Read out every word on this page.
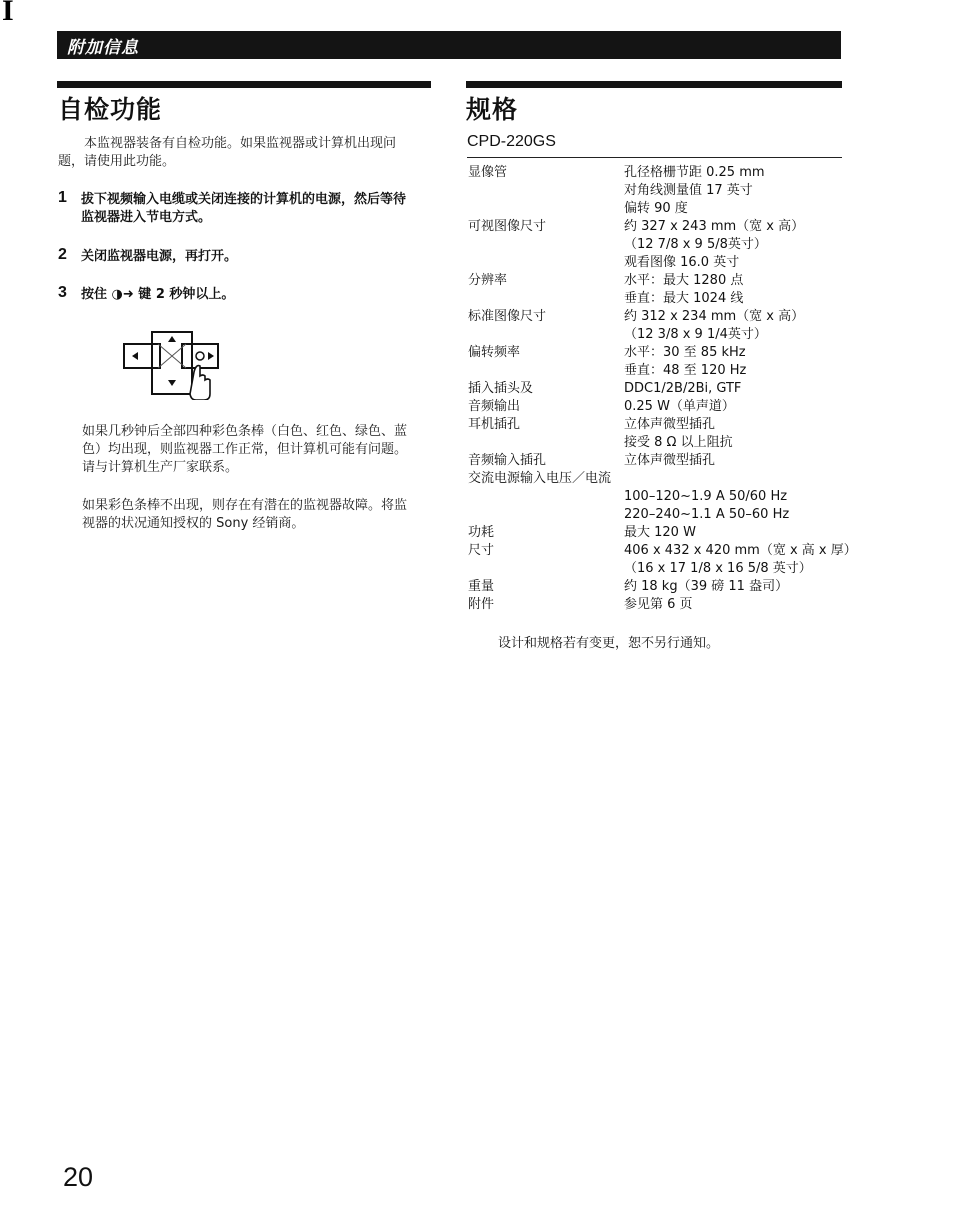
I
附加信息
自检功能
本监视器装备有自检功能。如果监视器或计算机出现问
题，请使用此功能。
1 拔下视频输入电缆或关闭连接的计算机的电源，然后等待
监视器进入节电方式。
2 关闭监视器电源，再打开。
3 按住 ◑➜ 键 2 秒钟以上。
如果几秒钟后全部四种彩色条棒（白色、红色、绿色、蓝
色）均出现，则监视器工作正常，但计算机可能有问题。
请与计算机生产厂家联系。
如果彩色条棒不出现，则存在有潜在的监视器故障。将监
视器的状况通知授权的 Sony 经销商。
规格
CPD-220GS
显像管	孔径格栅节距 0.25 mm
对角线测量值 17 英寸
偏转 90 度
可视图像尺寸	约 327 x 243 mm（宽 x 高）
（12 7/8 x 9 5/8英寸）
观看图像 16.0 英寸
分辨率	水平：最大 1280 点
垂直：最大 1024 线
标准图像尺寸	约 312 x 234 mm（宽 x 高）
（12 3/8 x 9 1/4英寸）
偏转频率	水平：30 至 85 kHz
垂直：48 至 120 Hz
插入插头及	DDC1/2B/2Bi, GTF
音频输出	0.25 W（单声道）
耳机插孔	立体声微型插孔
接受 8 Ω 以上阻抗
音频输入插孔	立体声微型插孔
交流电源输入电压／电流
100–120~1.9 A 50/60 Hz
220–240~1.1 A 50–60 Hz
功耗	最大 120 W
尺寸	406 x 432 x 420 mm（宽 x 高 x 厚）
（16 x 17 1/8 x 16 5/8 英寸）
重量	约 18 kg（39 磅 11 盎司）
附件	参见第 6 页
设计和规格若有变更，恕不另行通知。
20
